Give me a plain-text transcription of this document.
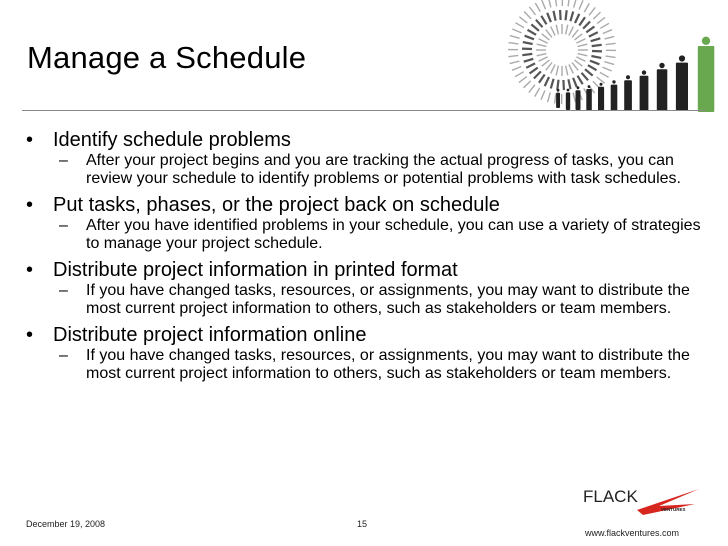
Manage a Schedule
• Identify schedule problems
–	After your project begins and you are tracking the actual progress of tasks, you can review your schedule to identify problems or potential problems with task schedules.
• Put tasks, phases, or the project back on schedule
–	After you have identified problems in your schedule, you can use a variety of strategies to manage your project schedule.
• Distribute project information in printed format
–	If you have changed tasks, resources, or assignments, you may want to distribute the most current project information to others, such as stakeholders or team members.
• Distribute project information online
–	If you have changed tasks, resources, or assignments, you may want to distribute the most current project information to others, such as stakeholders or team members.
December 19, 2008	15
FLACK
VENTURES
www.flackventures.com
